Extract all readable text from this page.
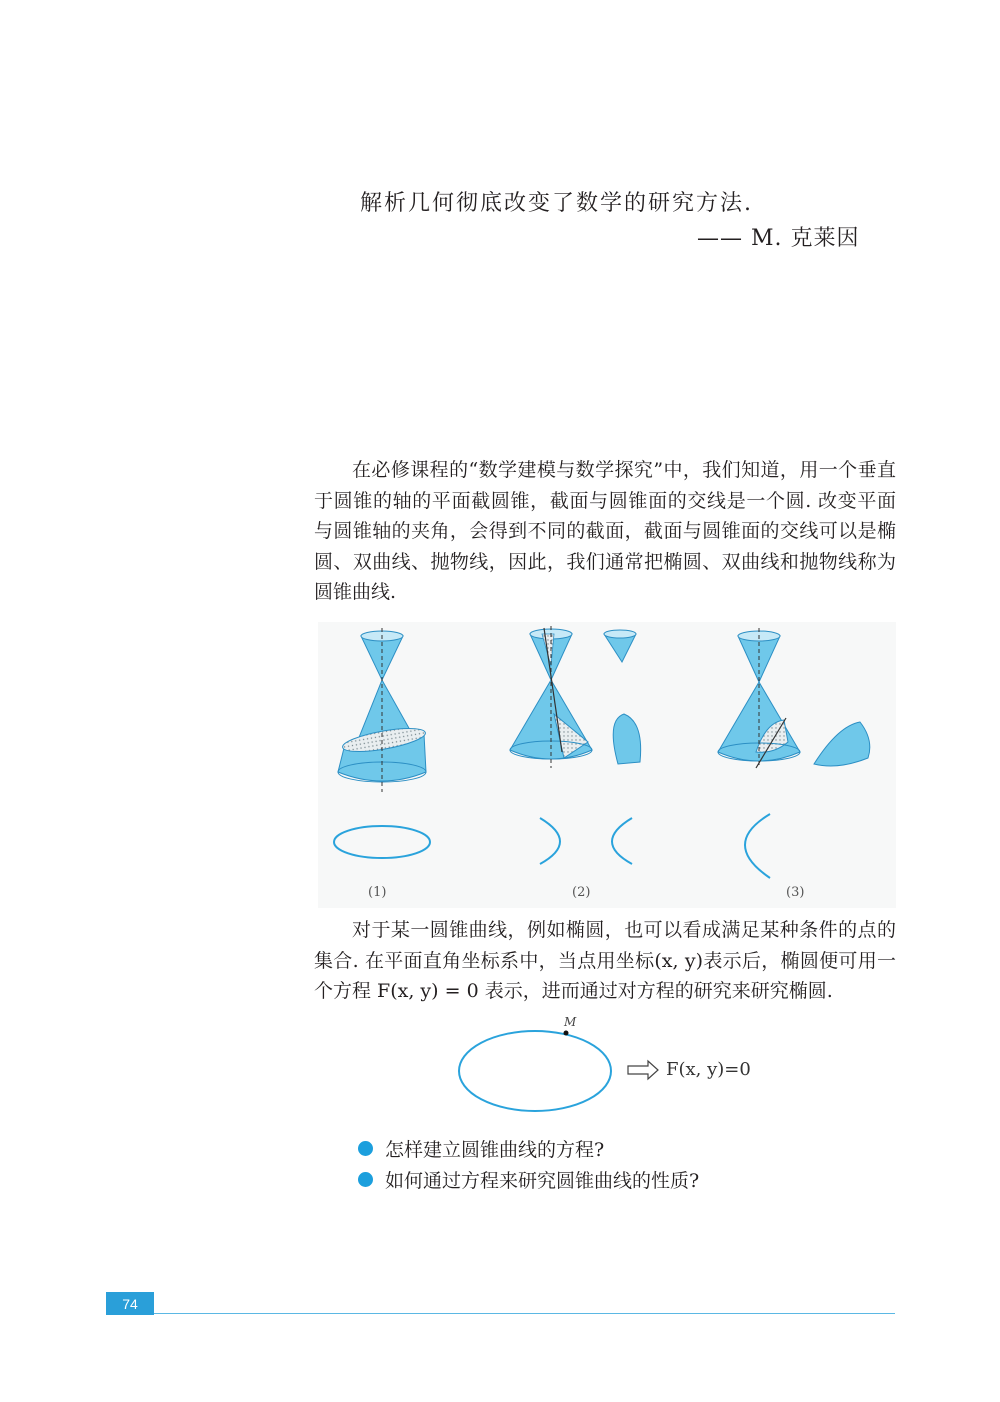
解析几何彻底改变了数学的研究方法.
—— M. 克莱因
在必修课程的“数学建模与数学探究”中，我们知道，用一个垂直于圆锥的轴的平面截圆锥，截面与圆锥面的交线是一个圆. 改变平面与圆锥轴的夹角，会得到不同的截面，截面与圆锥面的交线可以是椭圆、双曲线、抛物线，因此，我们通常把椭圆、双曲线和抛物线称为圆锥曲线.
(1)	(2)	(3)
对于某一圆锥曲线，例如椭圆，也可以看成满足某种条件的点的集合. 在平面直角坐标系中，当点用坐标(x, y)表示后，椭圆便可用一个方程 F(x, y) = 0 表示，进而通过对方程的研究来研究椭圆.
M
F(x, y)=0
怎样建立圆锥曲线的方程?
如何通过方程来研究圆锥曲线的性质?
74
